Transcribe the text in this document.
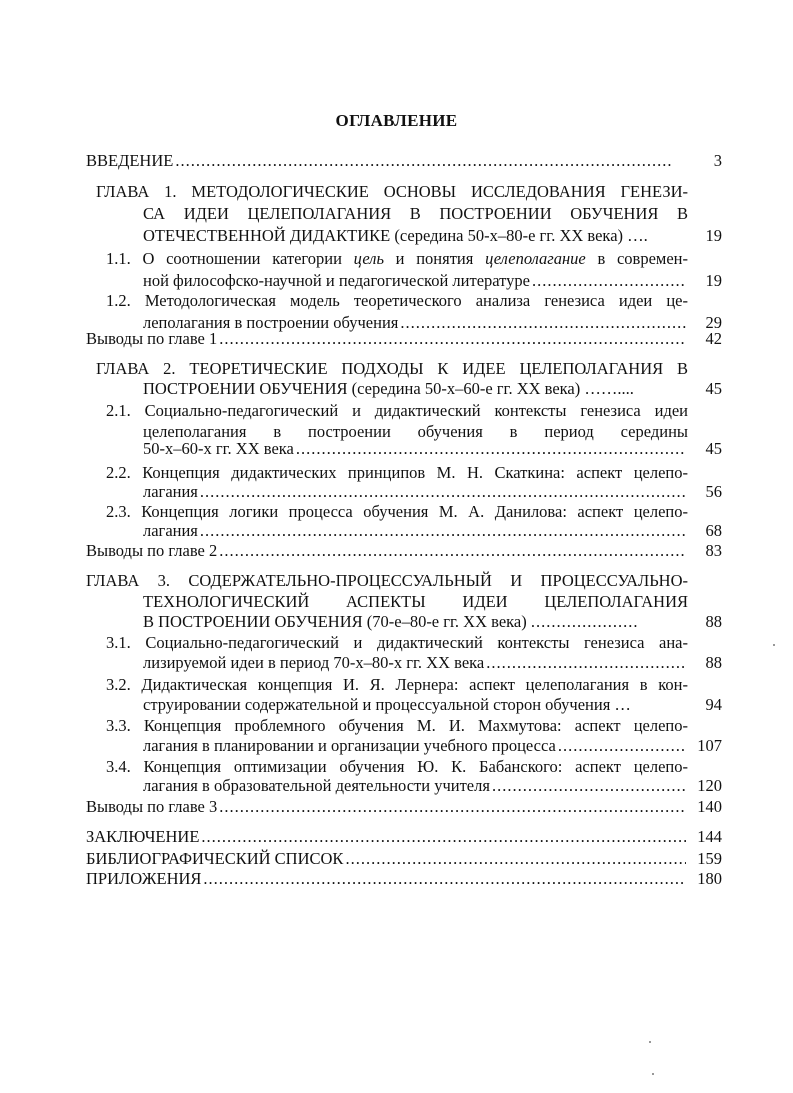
ОГЛАВЛЕНИЕ
ВВЕДЕНИЕ .....	3
ГЛАВА 1. МЕТОДОЛОГИЧЕСКИЕ ОСНОВЫ ИССЛЕДОВАНИЯ ГЕНЕЗИ-
СА ИДЕИ ЦЕЛЕПОЛАГАНИЯ В ПОСТРОЕНИИ ОБУЧЕНИЯ В
ОТЕЧЕСТВЕННОЙ ДИДАКТИКЕ (середина 50-х–80-е гг. XX века) ….	19
1.1. О соотношении категории цель и понятия целеполагание в современ-
ной философско-научной и педагогической литературе .....	19
1.2. Методологическая модель теоретического анализа генезиса идеи це-
леполагания в построении обучения .....	29
Выводы по главе 1 .....	42
ГЛАВА 2. ТЕОРЕТИЧЕСКИЕ ПОДХОДЫ К ИДЕЕ ЦЕЛЕПОЛАГАНИЯ В
ПОСТРОЕНИИ ОБУЧЕНИЯ (середина 50-х–60-е гг. XX века) ……....	45
2.1. Социально-педагогический и дидактический контексты генезиса идеи
целеполагания в построении обучения в период середины
50-х–60-х гг. XX века .....	45
2.2. Концепция дидактических принципов М. Н. Скаткина: аспект целепо-
лагания .....	56
2.3. Концепция логики процесса обучения М. А. Данилова: аспект целепо-
лагания .....	68
Выводы по главе 2 .....	83
ГЛАВА 3. СОДЕРЖАТЕЛЬНО-ПРОЦЕССУАЛЬНЫЙ И ПРОЦЕССУАЛЬНО-
ТЕХНОЛОГИЧЕСКИЙ АСПЕКТЫ ИДЕИ ЦЕЛЕПОЛАГАНИЯ
В ПОСТРОЕНИИ ОБУЧЕНИЯ (70-е–80-е гг. XX века) .....................	88
3.1. Социально-педагогический и дидактический контексты генезиса ана-
лизируемой идеи в период 70-х–80-х гг. XX века .....	88
3.2. Дидактическая концепция И. Я. Лернера: аспект целеполагания в кон-
струировании содержательной и процессуальной сторон обучения …	94
3.3. Концепция проблемного обучения М. И. Махмутова: аспект целепо-
лагания в планировании и организации учебного процесса .....	107
3.4. Концепция оптимизации обучения Ю. К. Бабанского: аспект целепо-
лагания в образовательной деятельности учителя .....	120
Выводы по главе 3 .....	140
ЗАКЛЮЧЕНИЕ .....	144
БИБЛИОГРАФИЧЕСКИЙ СПИСОК .....	159
ПРИЛОЖЕНИЯ .....	180
